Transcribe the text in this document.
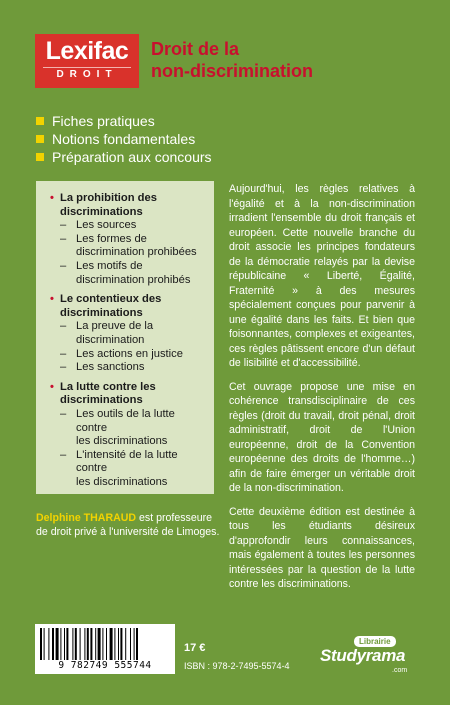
Lexifac
DROIT
Droit de la
non-discrimination
Fiches pratiques
Notions fondamentales
Préparation aux concours
• La prohibition des
discriminations
– Les sources
– Les formes de
discrimination prohibées
– Les motifs de
discrimination prohibés
• Le contentieux des
discriminations
– La preuve de la
discrimination
– Les actions en justice
– Les sanctions
• La lutte contre les
discriminations
– Les outils de la lutte contre
les discriminations
– L'intensité de la lutte contre
les discriminations
Delphine THARAUD est professeure de droit privé à l'université de Limoges.

Aujourd'hui, les règles relatives à l'égalité et à la non-discrimination irradient l'ensemble du droit français et européen. Cette nouvelle branche du droit associe les principes fondateurs de la démocratie relayés par la devise républicaine « Liberté, Égalité, Fraternité » à des mesures spécialement conçues pour parvenir à une égalité dans les faits. Et bien que foisonnantes, complexes et exigeantes, ces règles pâtissent encore d'un défaut de lisibilité et d'accessibilité.

Cet ouvrage propose une mise en cohérence transdisciplinaire de ces règles (droit du travail, droit pénal, droit administratif, droit de l'Union européenne, droit de la Convention européenne des droits de l'homme…) afin de faire émerger un véritable droit de la non-discrimination.

Cette deuxième édition est destinée à tous les étudiants désireux d'approfondir leurs connaissances, mais également à toutes les personnes intéressées par la question de la lutte contre les discriminations.

9 782749 555744
17 €
ISBN : 978-2-7495-5574-4
Librairie
Studyrama
.com
